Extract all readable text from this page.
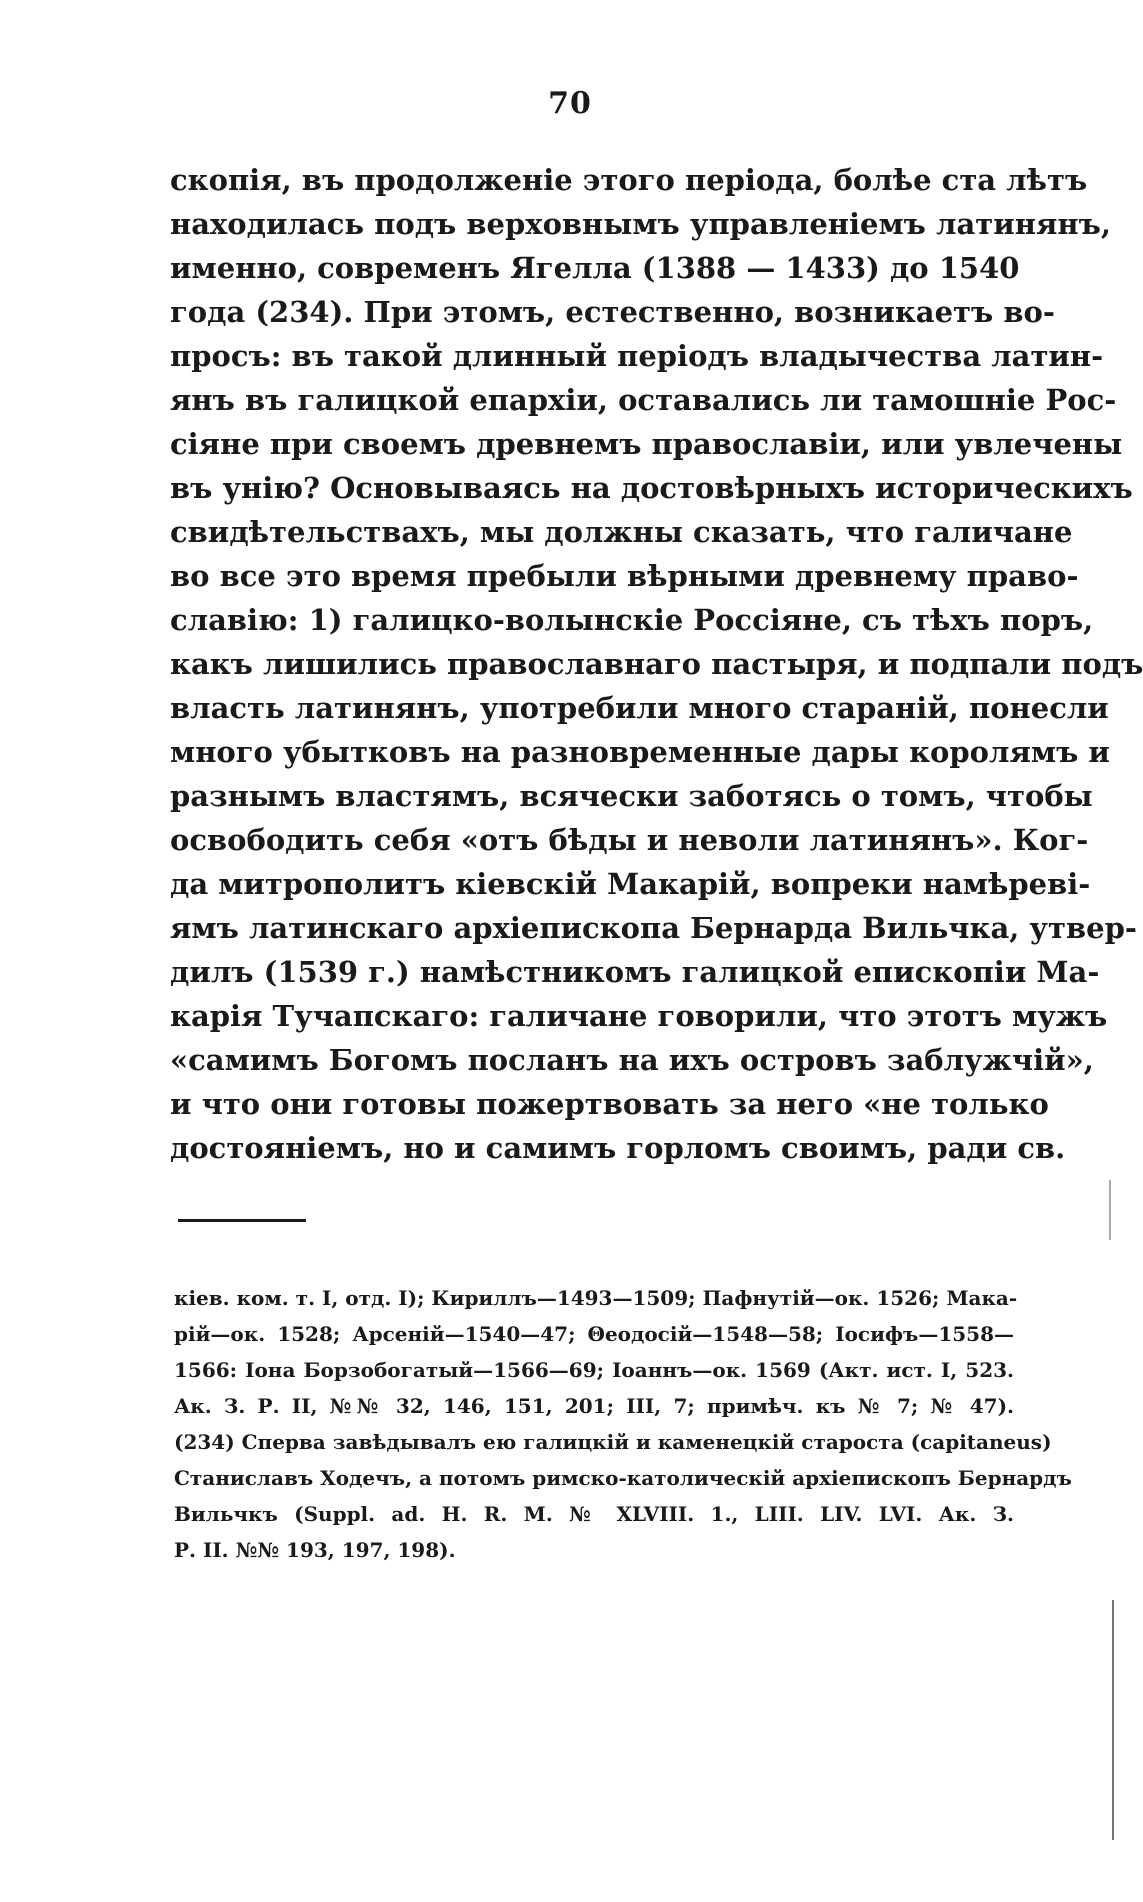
70
скопія, въ продолженіе этого періода, болѣе ста лѣтъ
находилась подъ верховнымъ управленіемъ латинянъ,
именно, современъ Ягелла (1388 — 1433) до 1540
года (234). При этомъ, естественно, возникаетъ во-
просъ: въ такой длинный періодъ владычества латин-
янъ въ галицкой епархіи, оставались ли тамошніе Рос-
сіяне при своемъ древнемъ православіи, или увлечены
въ унію? Основываясь на достовѣрныхъ историческихъ
свидѣтельствахъ, мы должны сказать, что галичане
во все это время пребыли вѣрными древнему право-
славію: 1) галицко-волынскіе Россіяне, съ тѣхъ поръ,
какъ лишились православнаго пастыря, и подпали подъ
власть латинянъ, употребили много стараній, понесли
много убытковъ на разновременные дары королямъ и
разнымъ властямъ, всячески заботясь о томъ, чтобы
освободить себя «отъ бѣды и неволи латинянъ». Ког-
да митрополитъ кіевскій Макарій, вопреки намѣреві-
ямъ латинскаго архіепископа Бернарда Вильчка, утвер-
дилъ (1539 г.) намѣстникомъ галицкой епископіи Ма-
карія Тучапскаго: галичане говорили, что этотъ мужъ
«самимъ Богомъ посланъ на ихъ островъ заблужчій»,
и что они готовы пожертвовать за него «не только
достояніемъ, но и самимъ горломъ своимъ, ради св.
кiев. ком. т. I, отд. I); Кириллъ—1493—1509; Пафнутій—ок. 1526; Мака-
рій—ок. 1528; Арсеній—1540—47; Θеодосій—1548—58; Іосифъ—1558—
1566: Іона Борзобогатый—1566—69; Іоаннъ—ок. 1569 (Акт. ист. I, 523.
Ак. З. Р. II, №№ 32, 146, 151, 201; III, 7; примѣч. къ № 7; № 47).
(234) Сперва завѣдывалъ ею галицкій и каменецкій староста (capitaneus)
Станиславъ Ходечъ, а потомъ римско-католическій архіепископъ Бернардъ
Вильчкъ (Suppl. ad. H. R. M. № XLVIII. 1., LIII. LIV. LVI. Ак. З.
Р. II. №№ 193, 197, 198).
